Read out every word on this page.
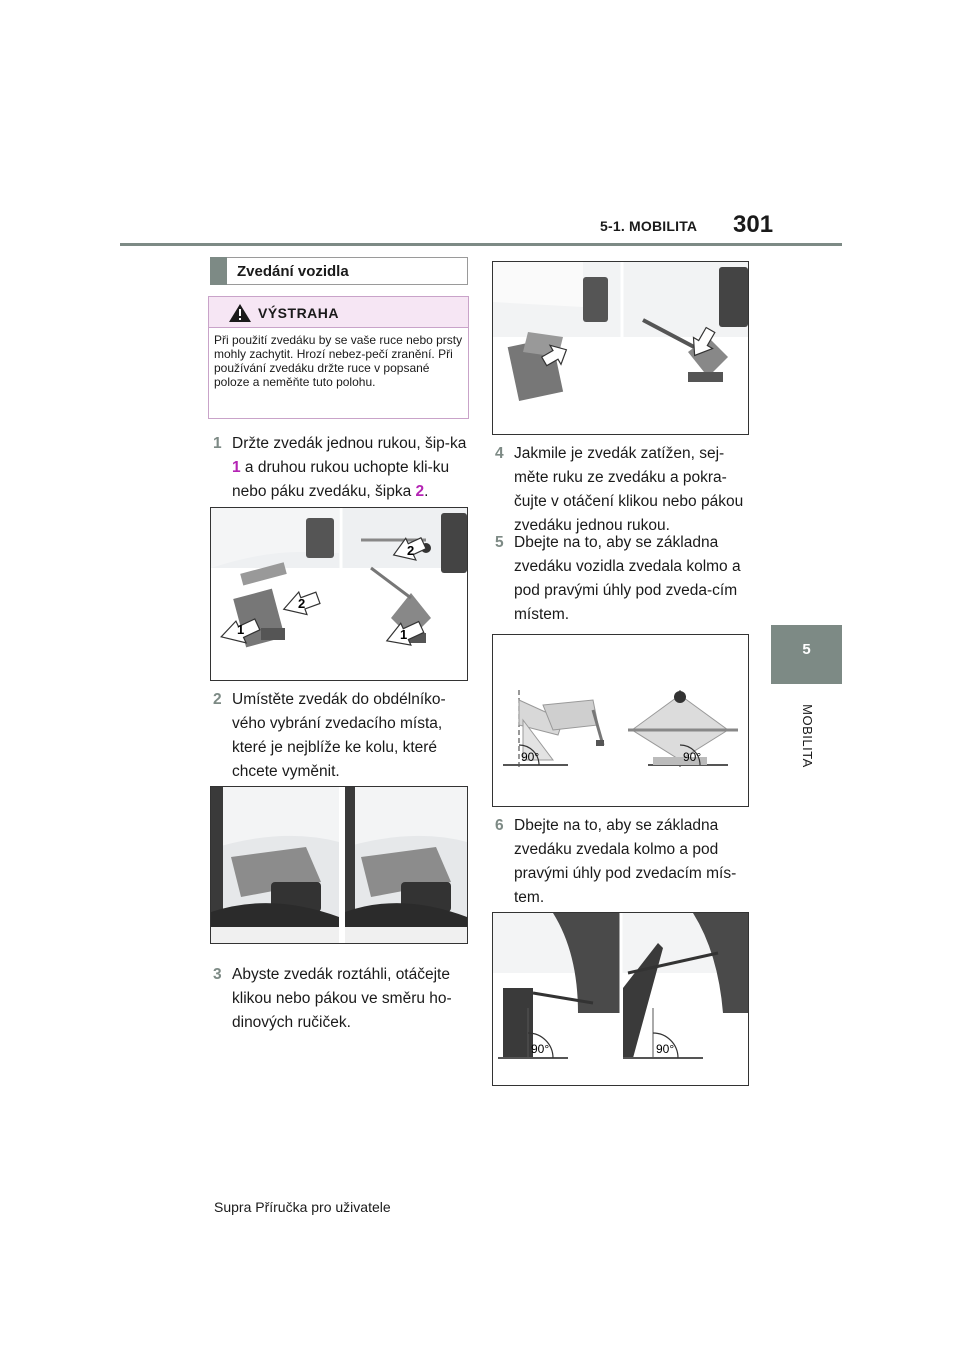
5-1. MOBILITA 301
5
MOBILITA
Zvedání vozidla
VÝSTRAHA
Při použití zvedáku by se vaše ruce nebo prsty mohly zachytit. Hrozí nebez-pečí zranění. Při používání zvedáku držte ruce v popsané poloze a neměňte tuto polohu.
1 Držte zvedák jednou rukou, šip-ka 1 a druhou rukou uchopte kli-ku nebo páku zvedáku, šipka 2.
1
2
2
1
2 Umístěte zvedák do obdélníko-vého vybrání zvedacího místa, které je nejblíže ke kolu, které chcete vyměnit.
3 Abyste zvedák roztáhli, otáčejte klikou nebo pákou ve směru ho-dinových ručiček.
4 Jakmile je zvedák zatížen, sej-měte ruku ze zvedáku a pokra-čujte v otáčení klikou nebo pákou zvedáku jednou rukou.
5 Dbejte na to, aby se základna zvedáku vozidla zvedala kolmo a pod pravými úhly pod zveda-cím místem.
90°	90°
6 Dbejte na to, aby se základna zvedáku zvedala kolmo a pod pravými úhly pod zvedacím mís-tem.
90°	90°
Supra Příručka pro uživatele
